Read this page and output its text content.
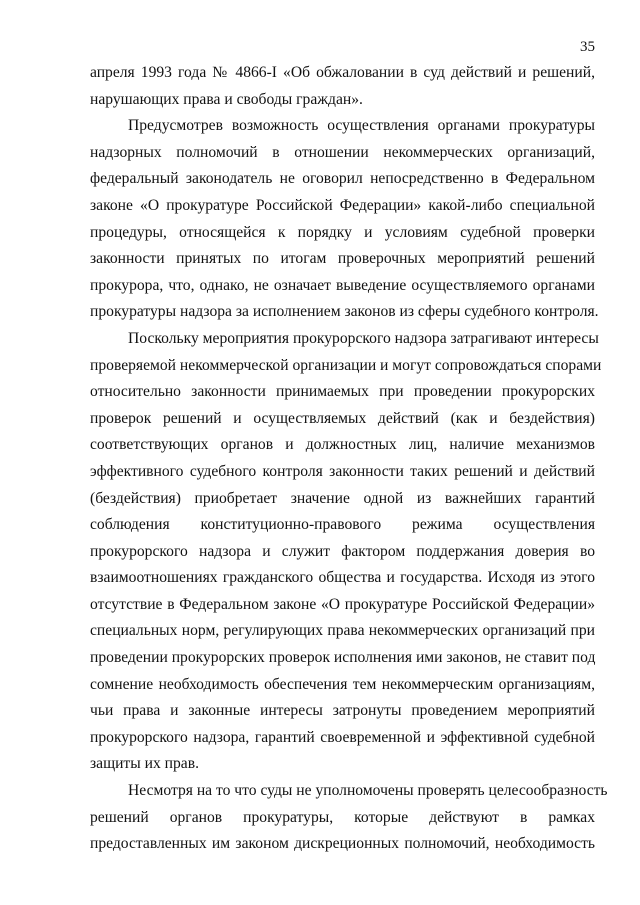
35
апреля 1993 года № 4866-I «Об обжаловании в суд действий и решений,
нарушающих права и свободы граждан».
Предусмотрев возможность осуществления органами прокуратуры
надзорных полномочий в отношении некоммерческих организаций,
федеральный законодатель не оговорил непосредственно в Федеральном
законе «О прокуратуре Российской Федерации» какой-либо специальной
процедуры, относящейся к порядку и условиям судебной проверки
законности принятых по итогам проверочных мероприятий решений
прокурора, что, однако, не означает выведение осуществляемого органами
прокуратуры надзора за исполнением законов из сферы судебного контроля.
Поскольку мероприятия прокурорского надзора затрагивают интересы
проверяемой некоммерческой организации и могут сопровождаться спорами
относительно законности принимаемых при проведении прокурорских
проверок решений и осуществляемых действий (как и бездействия)
соответствующих органов и должностных лиц, наличие механизмов
эффективного судебного контроля законности таких решений и действий
(бездействия) приобретает значение одной из важнейших гарантий
соблюдения конституционно-правового режима осуществления
прокурорского надзора и служит фактором поддержания доверия во
взаимоотношениях гражданского общества и государства. Исходя из этого
отсутствие в Федеральном законе «О прокуратуре Российской Федерации»
специальных норм, регулирующих права некоммерческих организаций при
проведении прокурорских проверок исполнения ими законов, не ставит под
сомнение необходимость обеспечения тем некоммерческим организациям,
чьи права и законные интересы затронуты проведением мероприятий
прокурорского надзора, гарантий своевременной и эффективной судебной
защиты их прав.
Несмотря на то что суды не уполномочены проверять целесообразность
решений органов прокуратуры, которые действуют в рамках
предоставленных им законом дискреционных полномочий, необходимость
